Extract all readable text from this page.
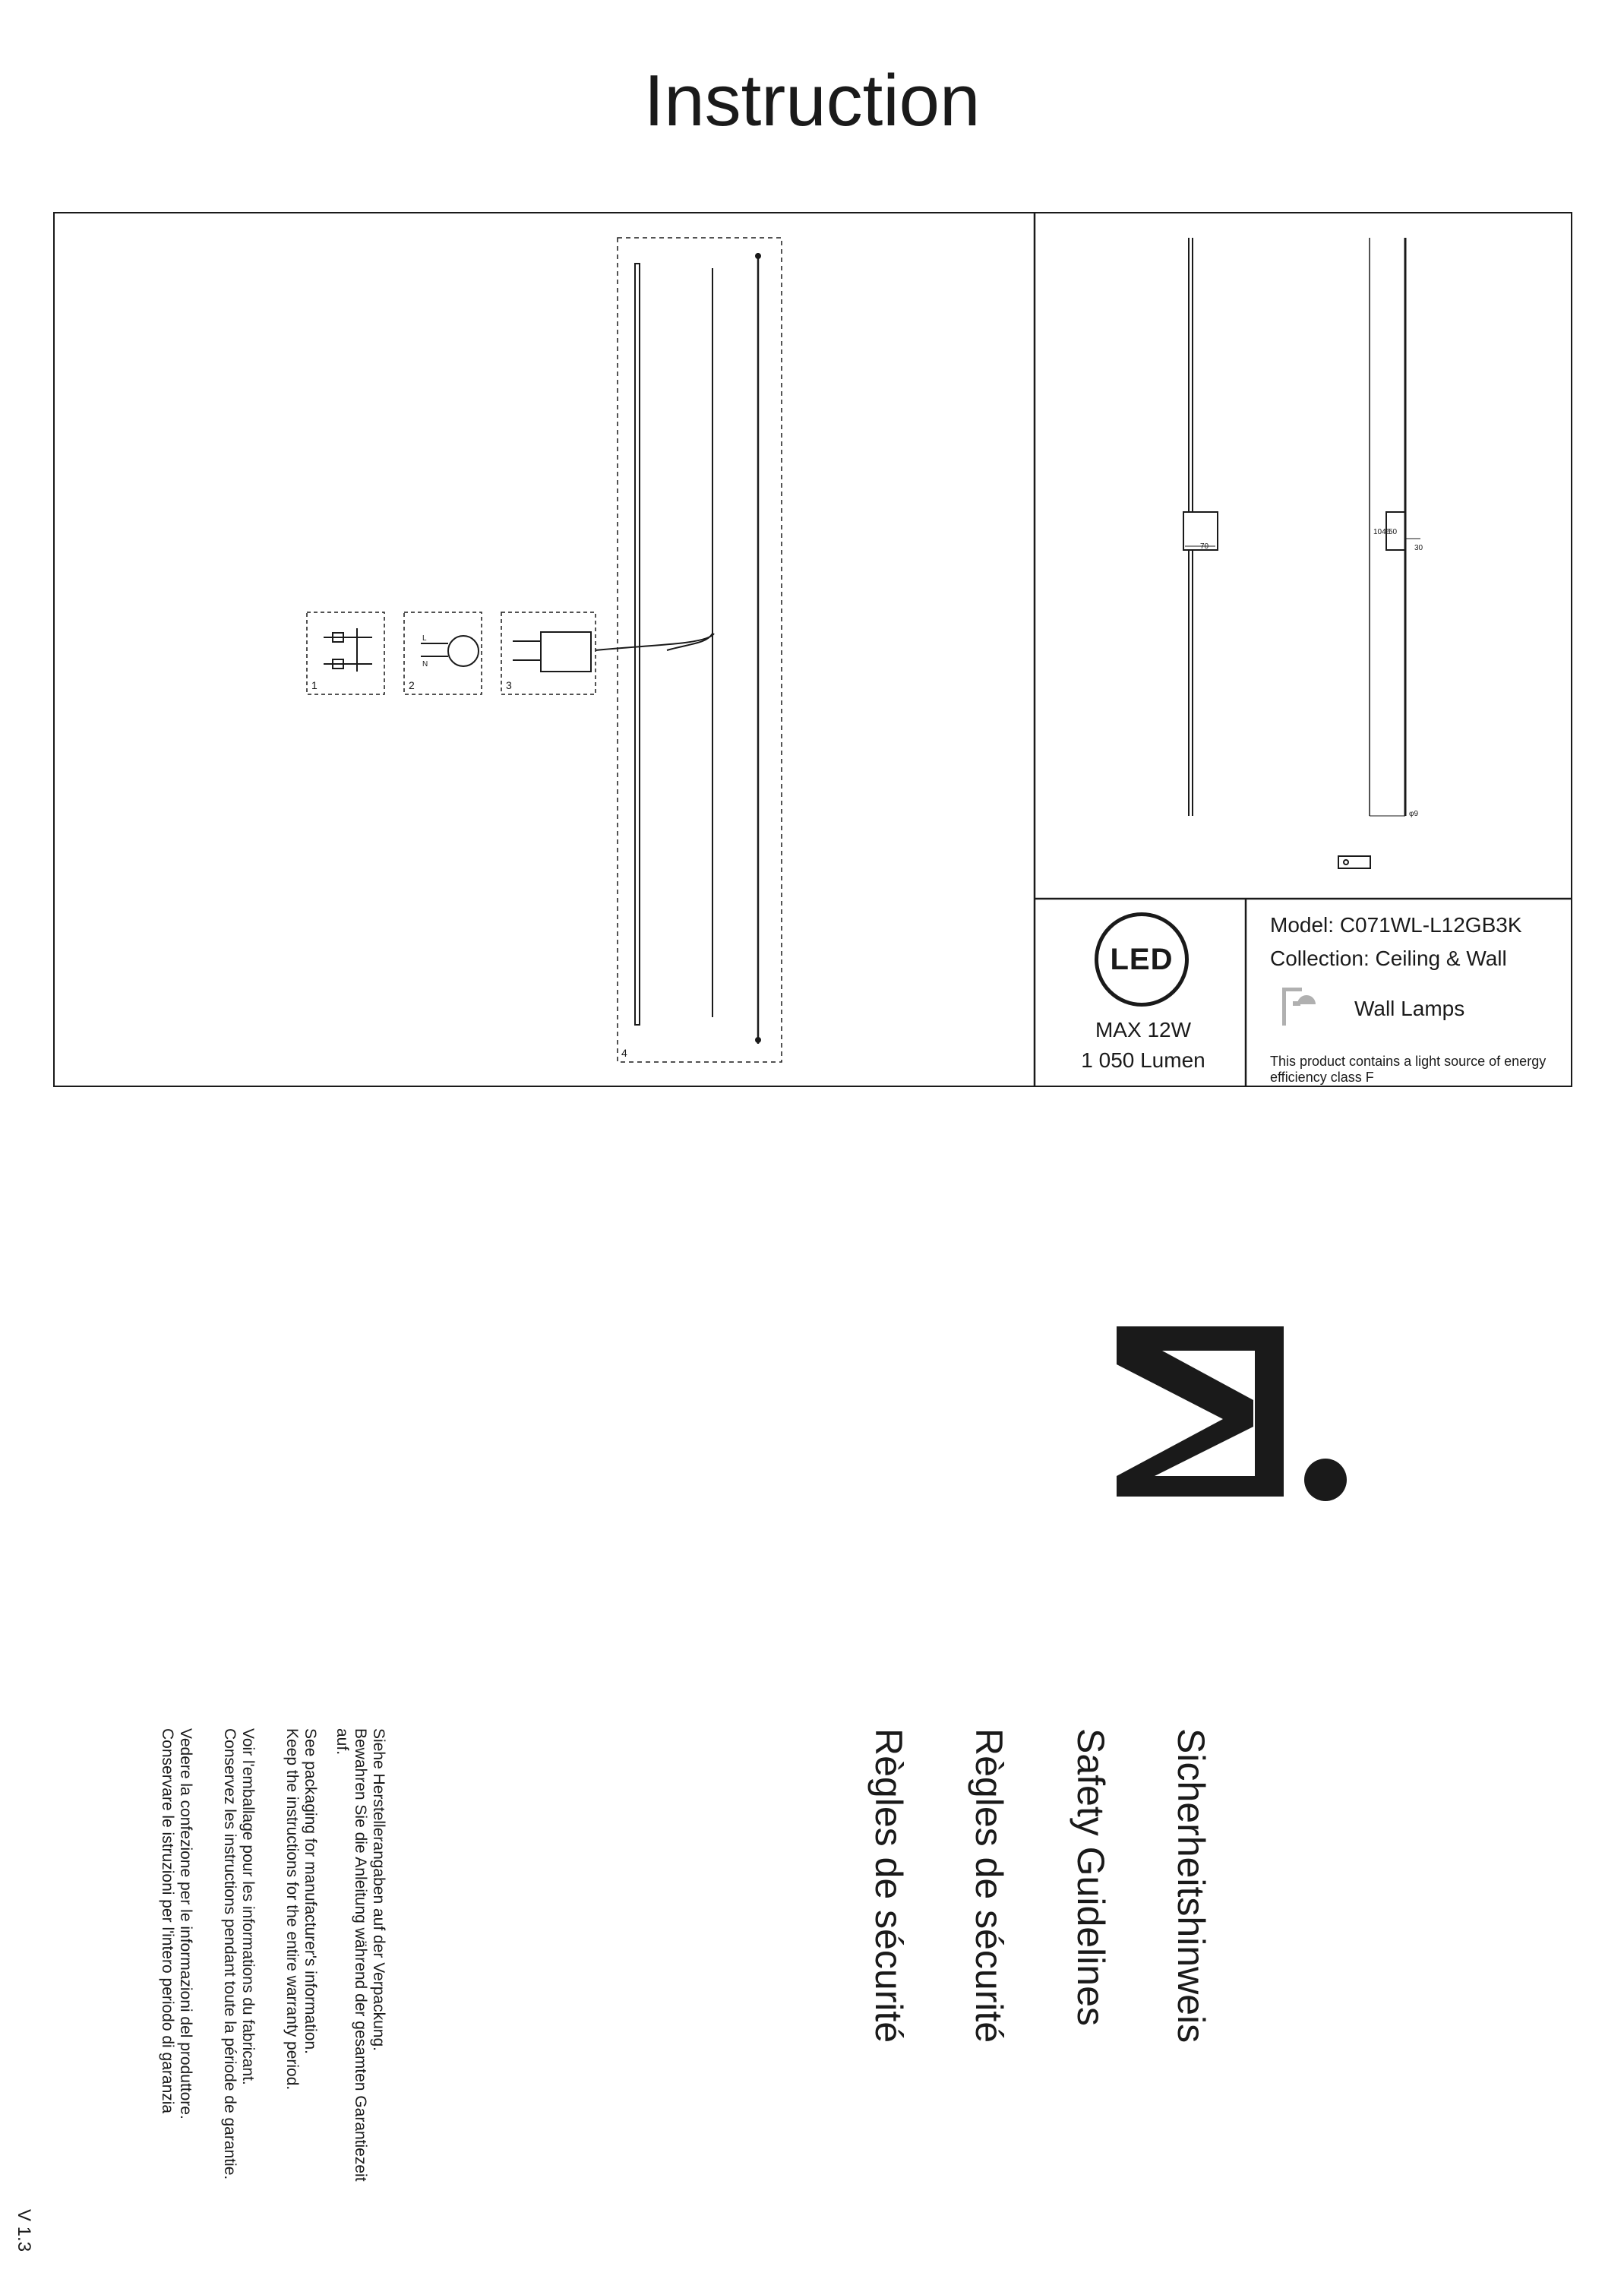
Instruction
1	2	3
4
L
N
70
50
1046
30
φ9
LED
MAX 12W
1 050 Lumen
Model: C071WL-L12GB3K
Collection: Ceiling & Wall
Wall Lamps
This product contains a light source of energy efficiency class F
Sicherheitshinweis
Safety Guidelines
Règles de sécurité
Règles de sécurité
Siehe Herstellerangaben auf der Verpackung.
Bewahren Sie die Anleitung während der gesamten Garantiezeit
auf.
See packaging for manufacturer's information.
Keep the instructions for the entire warranty period.
Voir l'emballage pour les informations du fabricant.
Conservez les instructions pendant toute la période de garantie.
Vedere la confezione per le informazioni del produttore.
Conservare le istruzioni per l'intero periodo di garanzia
V 1.3
